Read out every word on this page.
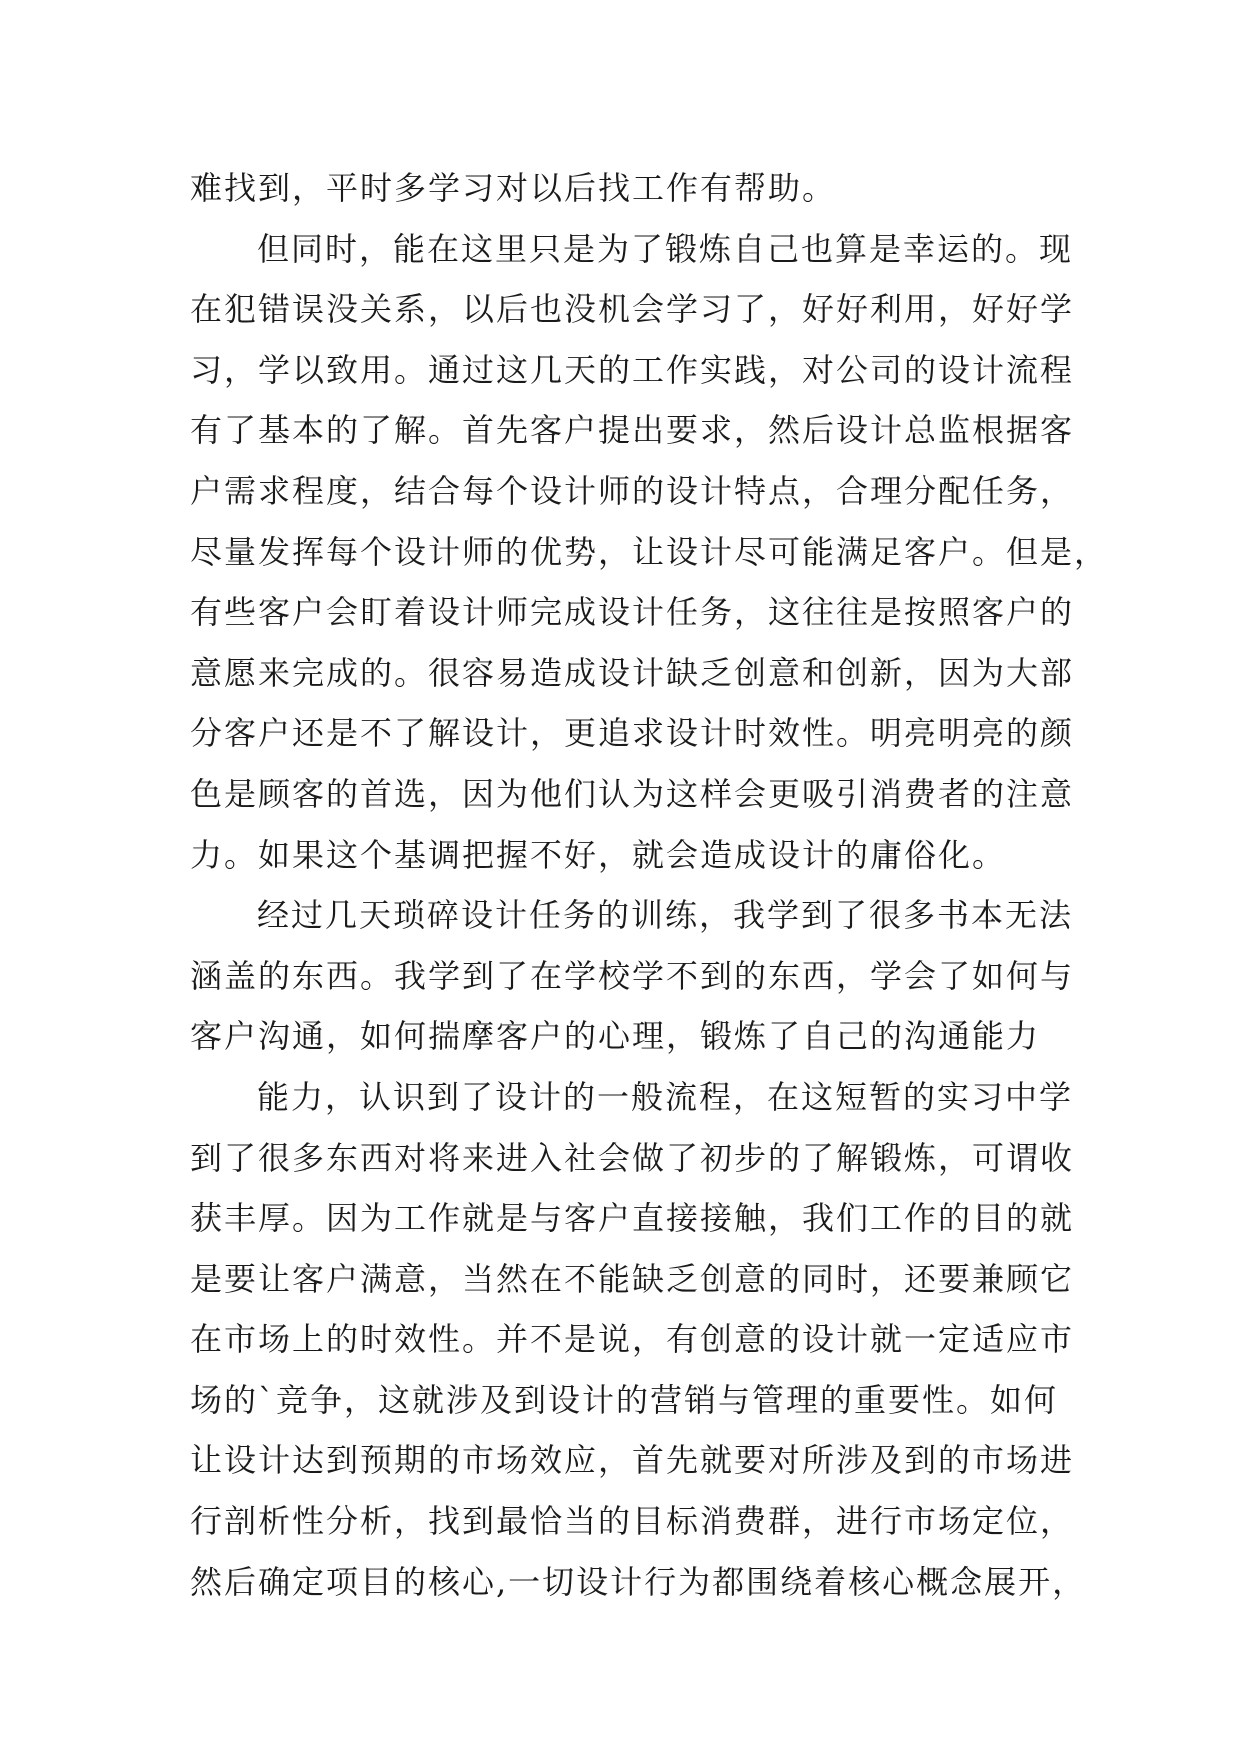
难找到，平时多学习对以后找工作有帮助。
但同时，能在这里只是为了锻炼自己也算是幸运的。现
在犯错误没关系，以后也没机会学习了，好好利用，好好学
习，学以致用。通过这几天的工作实践，对公司的设计流程
有了基本的了解。首先客户提出要求，然后设计总监根据客
户需求程度，结合每个设计师的设计特点，合理分配任务，
尽量发挥每个设计师的优势，让设计尽可能满足客户。但是，
有些客户会盯着设计师完成设计任务，这往往是按照客户的
意愿来完成的。很容易造成设计缺乏创意和创新，因为大部
分客户还是不了解设计，更追求设计时效性。明亮明亮的颜
色是顾客的首选，因为他们认为这样会更吸引消费者的注意
力。如果这个基调把握不好，就会造成设计的庸俗化。
经过几天琐碎设计任务的训练，我学到了很多书本无法
涵盖的东西。我学到了在学校学不到的东西，学会了如何与
客户沟通，如何揣摩客户的心理，锻炼了自己的沟通能力
能力，认识到了设计的一般流程，在这短暂的实习中学
到了很多东西对将来进入社会做了初步的了解锻炼，可谓收
获丰厚。因为工作就是与客户直接接触，我们工作的目的就
是要让客户满意，当然在不能缺乏创意的同时，还要兼顾它
在市场上的时效性。并不是说，有创意的设计就一定适应市
场的`竞争，这就涉及到设计的营销与管理的重要性。如何
让设计达到预期的市场效应，首先就要对所涉及到的市场进
行剖析性分析，找到最恰当的目标消费群，进行市场定位，
然后确定项目的核心,一切设计行为都围绕着核心概念展开，
